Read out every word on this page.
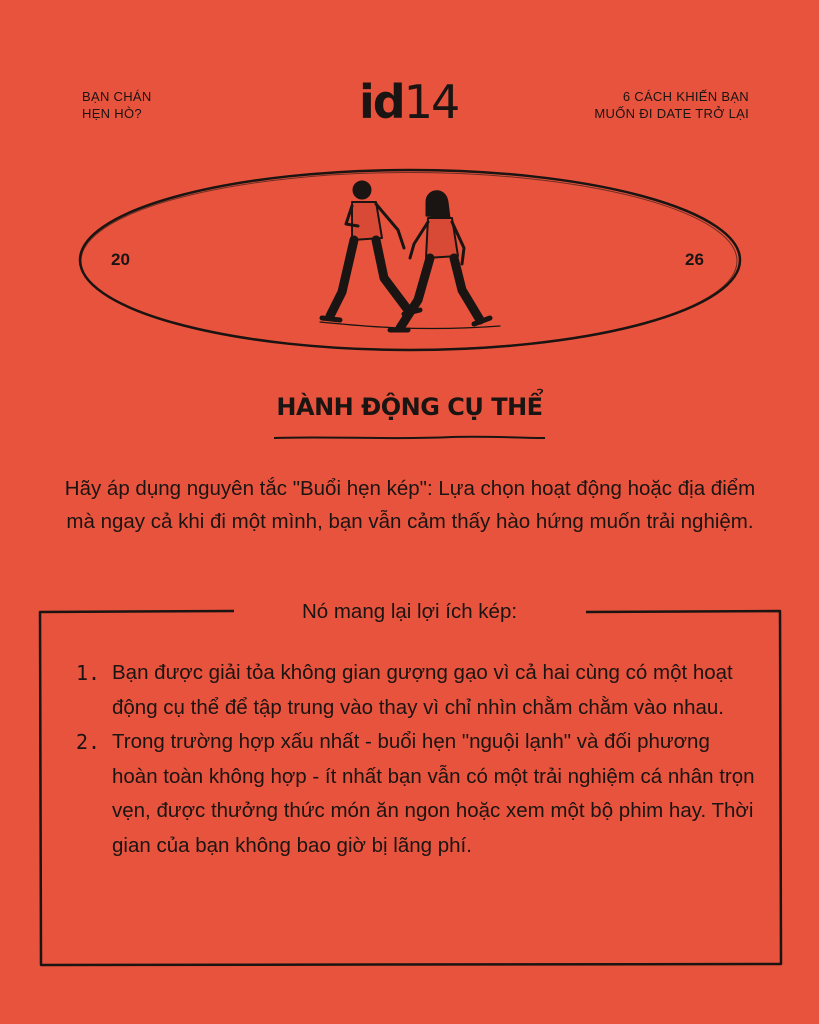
BẠN CHÁN
HẸN HÒ?	id14	6 CÁCH KHIẾN BẠN
MUỐN ĐI DATE TRỞ LẠI
20	26
HÀNH ĐỘNG CỤ THỂ
Hãy áp dụng nguyên tắc "Buổi hẹn kép": Lựa chọn hoạt động hoặc địa điểm mà ngay cả khi đi một mình, bạn vẫn cảm thấy hào hứng muốn trải nghiệm.
Nó mang lại lợi ích kép:
1. Bạn được giải tỏa không gian gượng gạo vì cả hai cùng có một hoạt động cụ thể để tập trung vào thay vì chỉ nhìn chằm chằm vào nhau.
2. Trong trường hợp xấu nhất - buổi hẹn "nguội lạnh" và đối phương hoàn toàn không hợp - ít nhất bạn vẫn có một trải nghiệm cá nhân trọn vẹn, được thưởng thức món ăn ngon hoặc xem một bộ phim hay. Thời gian của bạn không bao giờ bị lãng phí.
